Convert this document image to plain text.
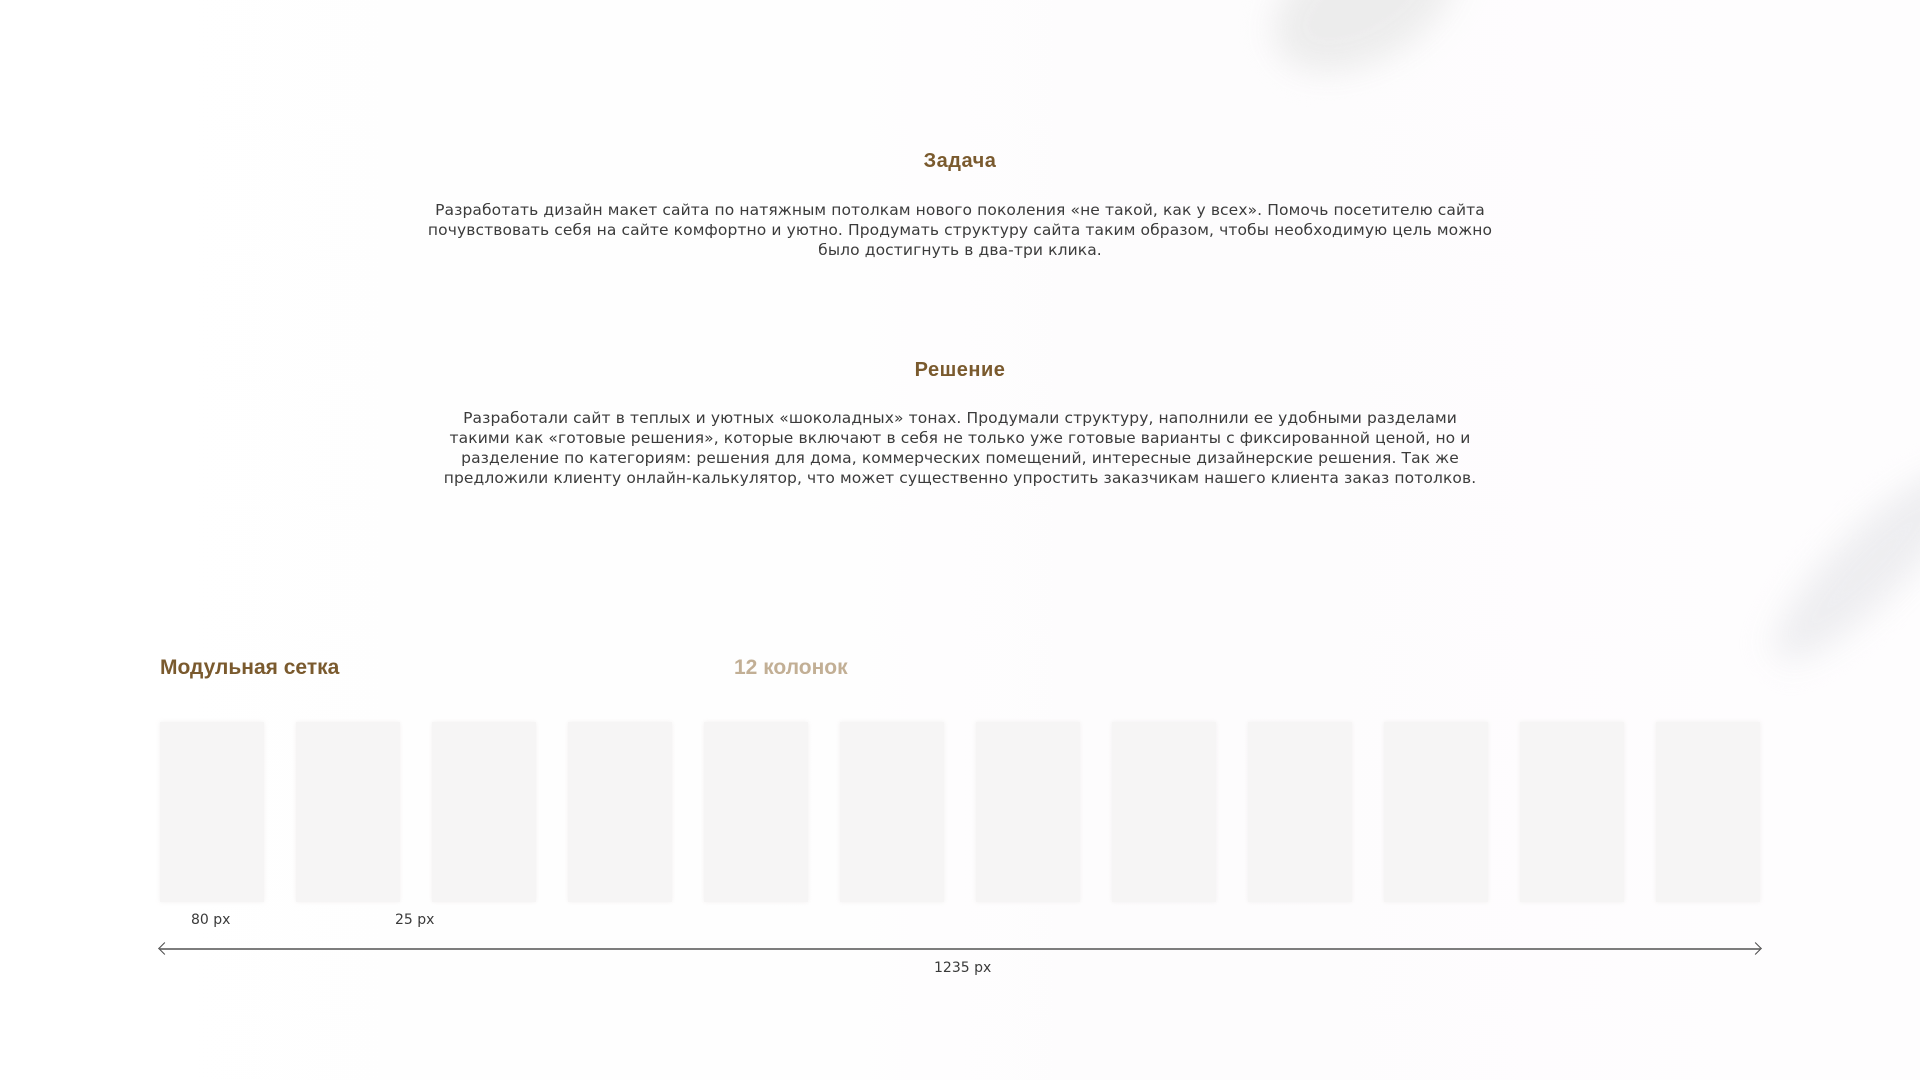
Задача
Разработать дизайн макет сайта по натяжным потолкам нового поколения «не такой, как у всех». Помочь посетителю сайта почувствовать себя на сайте комфортно и уютно. Продумать структуру сайта таким образом, чтобы необходимую цель можно было достигнуть в два-три клика.
Решение
Разработали сайт в теплых и уютных «шоколадных» тонах. Продумали структуру, наполнили ее удобными разделами такими как «готовые решения», которые включают в себя не только уже готовые варианты с фиксированной ценой, но и разделение по категориям: решения для дома, коммерческих помещений, интересные дизайнерские решения. Так же предложили клиенту онлайн-калькулятор, что может существенно упростить заказчикам нашего клиента заказ потолков.
Модульная сетка	12 колонок
80 px	25 px
1235 px
